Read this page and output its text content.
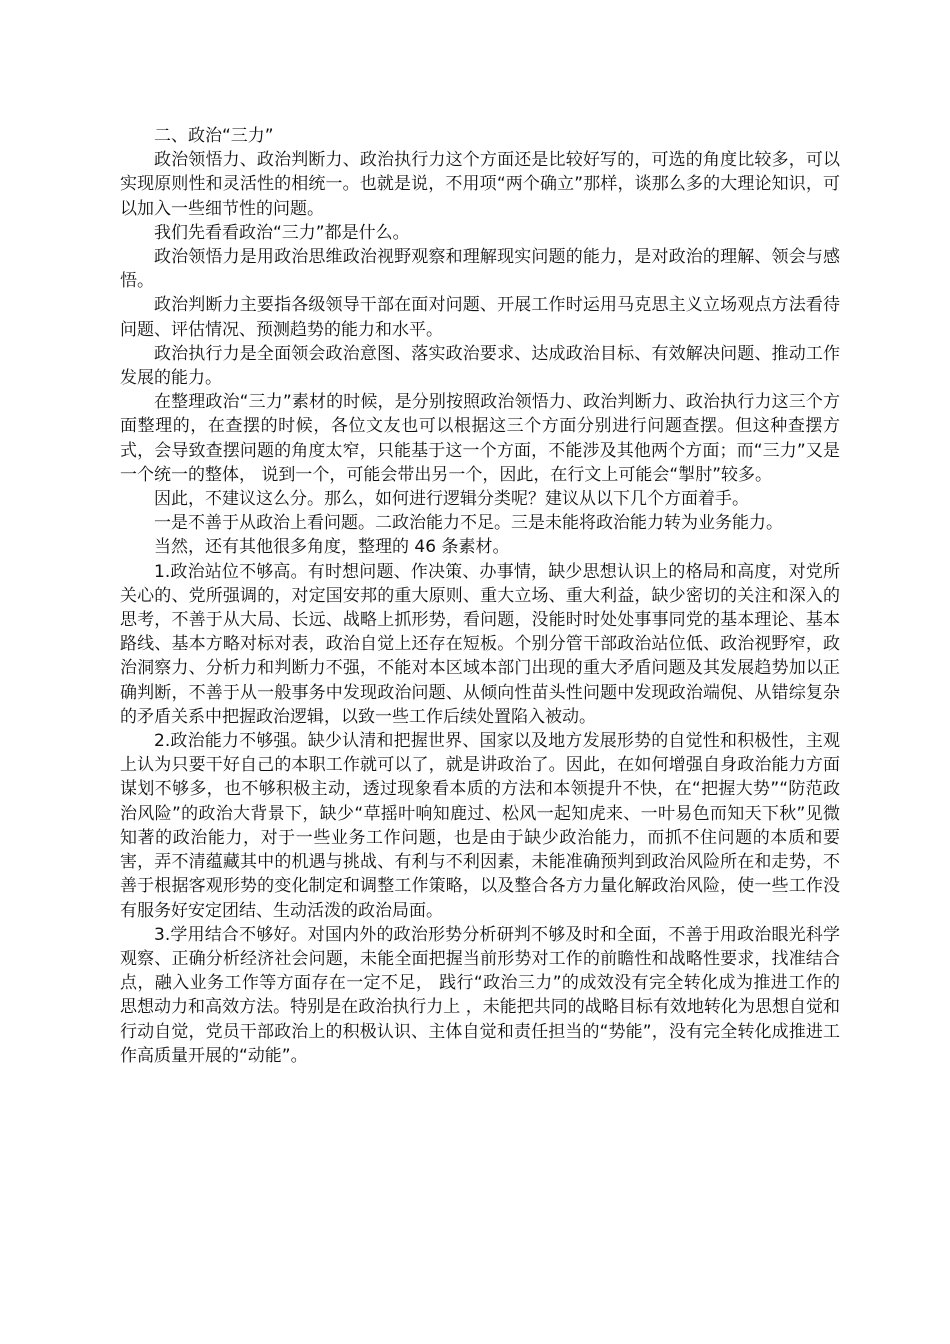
二、政治“三力”

政治领悟力、政治判断力、政治执行力这个方面还是比较好写的，可选的角度比较多，可以实现原则性和灵活性的相统一。也就是说，不用项“两个确立”那样，谈那么多的大理论知识，可以加入一些细节性的问题。

我们先看看政治“三力”都是什么。

政治领悟力是用政治思维政治视野观察和理解现实问题的能力，是对政治的理解、领会与感悟。

政治判断力主要指各级领导干部在面对问题、开展工作时运用马克思主义立场观点方法看待问题、评估情况、预测趋势的能力和水平。

政治执行力是全面领会政治意图、落实政治要求、达成政治目标、有效解决问题、推动工作发展的能力。

在整理政治“三力”素材的时候，是分别按照政治领悟力、政治判断力、政治执行力这三个方面整理的，在查摆的时候，各位文友也可以根据这三个方面分别进行问题查摆。但这种查摆方式，会导致查摆问题的角度太窄，只能基于这一个方面，不能涉及其他两个方面；而“三力”又是一个统一的整体， 说到一个，可能会带出另一个，因此，在行文上可能会“掣肘”较多。

因此，不建议这么分。那么，如何进行逻辑分类呢？建议从以下几个方面着手。

一是不善于从政治上看问题。二政治能力不足。三是未能将政治能力转为业务能力。

当然，还有其他很多角度，整理的 46 条素材。

1.政治站位不够高。有时想问题、作决策、办事情，缺少思想认识上的格局和高度，对党所关心的、党所强调的，对定国安邦的重大原则、重大立场、重大利益，缺少密切的关注和深入的思考，不善于从大局、长远、战略上抓形势，看问题，没能时时处处事事同党的基本理论、基本路线、基本方略对标对表，政治自觉上还存在短板。个别分管干部政治站位低、政治视野窄，政治洞察力、分析力和判断力不强，不能对本区域本部门出现的重大矛盾问题及其发展趋势加以正确判断，不善于从一般事务中发现政治问题、从倾向性苗头性问题中发现政治端倪、从错综复杂的矛盾关系中把握政治逻辑，以致一些工作后续处置陷入被动。

2.政治能力不够强。缺少认清和把握世界、国家以及地方发展形势的自觉性和积极性，主观上认为只要干好自己的本职工作就可以了，就是讲政治了。因此，在如何增强自身政治能力方面谋划不够多，也不够积极主动，透过现象看本质的方法和本领提升不快，在“把握大势”“防范政治风险”的政治大背景下，缺少“草摇叶响知鹿过、松风一起知虎来、一叶易色而知天下秋”见微知著的政治能力，对于一些业务工作问题，也是由于缺少政治能力，而抓不住问题的本质和要害，弄不清蕴藏其中的机遇与挑战、有利与不利因素，未能准确预判到政治风险所在和走势，不善于根据客观形势的变化制定和调整工作策略，以及整合各方力量化解政治风险，使一些工作没有服务好安定团结、生动活泼的政治局面。

3.学用结合不够好。对国内外的政治形势分析研判不够及时和全面，不善于用政治眼光科学观察、正确分析经济社会问题，未能全面把握当前形势对工作的前瞻性和战略性要求，找准结合点，融入业务工作等方面存在一定不足， 践行“政治三力”的成效没有完全转化成为推进工作的思想动力和高效方法。特别是在政治执行力上 ，未能把共同的战略目标有效地转化为思想自觉和行动自觉，党员干部政治上的积极认识、主体自觉和责任担当的“势能”，没有完全转化成推进工作高质量开展的“动能”。
